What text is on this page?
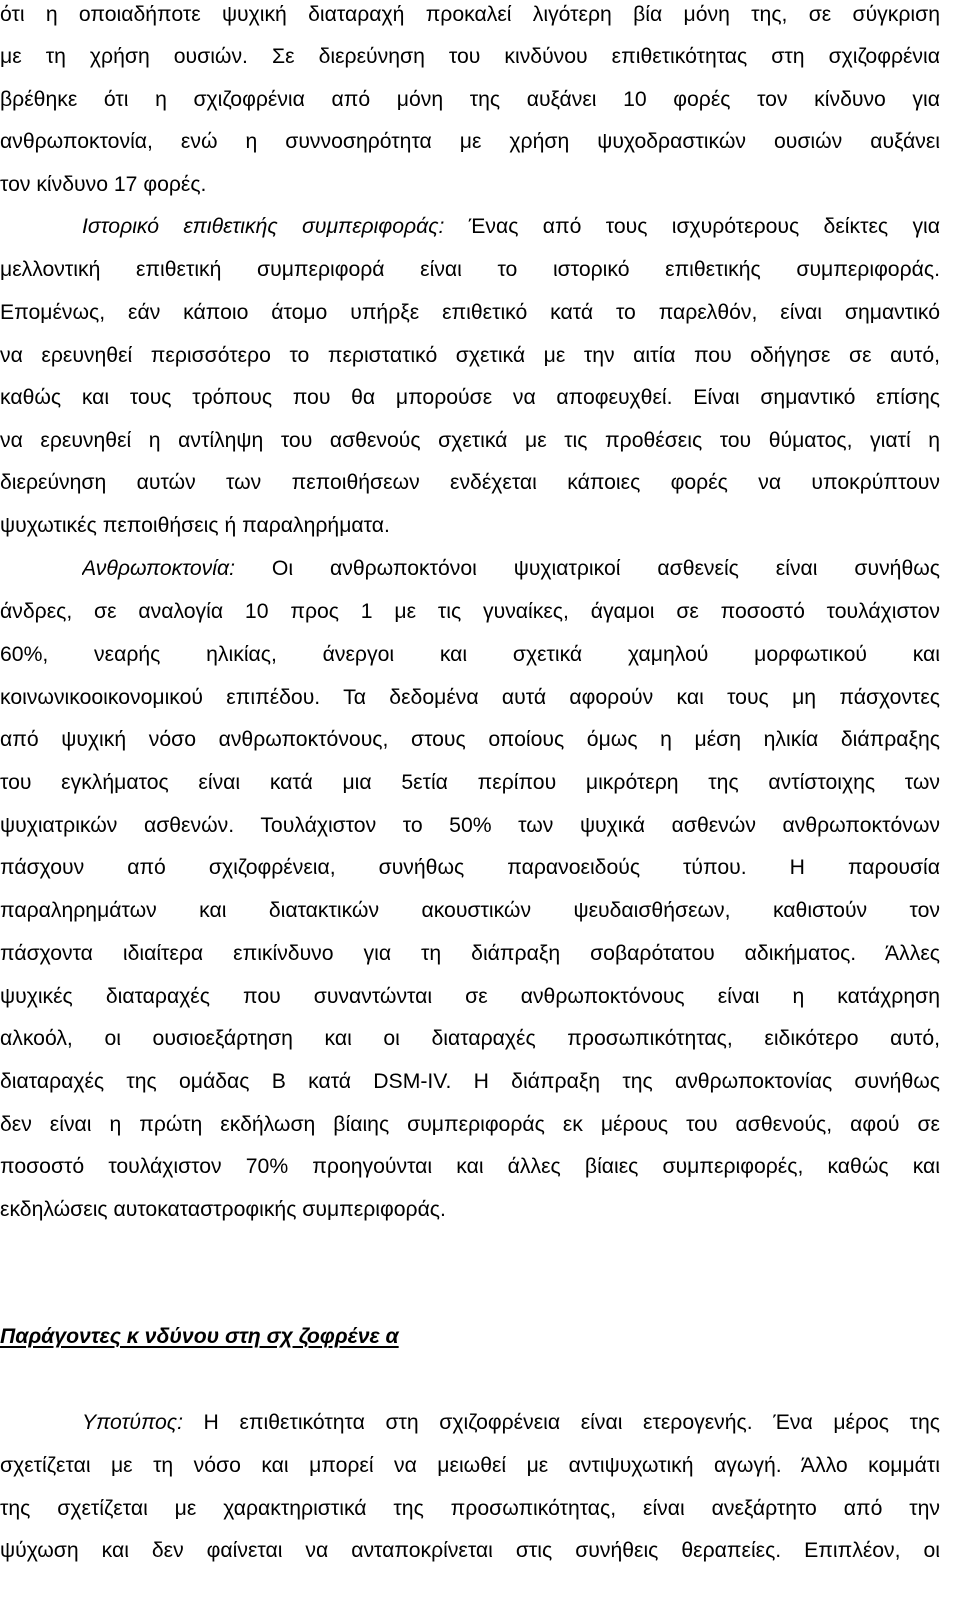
ότι η οποιαδήποτε ψυχική διαταραχή προκαλεί λιγότερη βία μόνη της, σε σύγκριση
με τη χρήση ουσιών. Σε διερεύνηση του κινδύνου επιθετικότητας στη σχιζοφρένια
βρέθηκε ότι η σχιζοφρένια από μόνη της αυξάνει 10 φορές τον κίνδυνο για
ανθρωποκτονία, ενώ η συννοσηρότητα με χρήση ψυχοδραστικών ουσιών αυξάνει
τον κίνδυνο 17 φορές.
Ιστορικό επιθετικής συμπεριφοράς: Ένας από τους ισχυρότερους δείκτες για
μελλοντική επιθετική συμπεριφορά είναι το ιστορικό επιθετικής συμπεριφοράς.
Επομένως, εάν κάποιο άτομο υπήρξε επιθετικό κατά το παρελθόν, είναι σημαντικό
να ερευνηθεί περισσότερο το περιστατικό σχετικά με την αιτία που οδήγησε σε αυτό,
καθώς και τους τρόπους που θα μπορούσε να αποφευχθεί. Είναι σημαντικό επίσης
να ερευνηθεί η αντίληψη του ασθενούς σχετικά με τις προθέσεις του θύματος, γιατί η
διερεύνηση αυτών των πεποιθήσεων ενδέχεται κάποιες φορές να υποκρύπτουν
ψυχωτικές πεποιθήσεις ή παραληρήματα.
Ανθρωποκτονία: Οι ανθρωποκτόνοι ψυχιατρικοί ασθενείς είναι συνήθως
άνδρες, σε αναλογία 10 προς 1 με τις γυναίκες, άγαμοι σε ποσοστό τουλάχιστον
60%, νεαρής ηλικίας, άνεργοι και σχετικά χαμηλού μορφωτικού και
κοινωνικοοικονομικού επιπέδου. Τα δεδομένα αυτά αφορούν και τους μη πάσχοντες
από ψυχική νόσο ανθρωποκτόνους, στους οποίους όμως η μέση ηλικία διάπραξης
του εγκλήματος είναι κατά μια 5ετία περίπου μικρότερη της αντίστοιχης των
ψυχιατρικών ασθενών. Τουλάχιστον το 50% των ψυχικά ασθενών ανθρωποκτόνων
πάσχουν από σχιζοφρένεια, συνήθως παρανοειδούς τύπου. Η παρουσία
παραληρημάτων και διατακτικών ακουστικών ψευδαισθήσεων, καθιστούν τον
πάσχοντα ιδιαίτερα επικίνδυνο για τη διάπραξη σοβαρότατου αδικήματος. Άλλες
ψυχικές διαταραχές που συναντώνται σε ανθρωποκτόνους είναι η κατάχρηση
αλκοόλ, οι ουσιοεξάρτηση και οι διαταραχές προσωπικότητας, ειδικότερο αυτό,
διαταραχές της ομάδας Β κατά DSM-IV. Η διάπραξη της ανθρωποκτονίας συνήθως
δεν είναι η πρώτη εκδήλωση βίαιης συμπεριφοράς εκ μέρους του ασθενούς, αφού σε
ποσοστό τουλάχιστον 70% προηγούνται και άλλες βίαιες συμπεριφορές, καθώς και
εκδηλώσεις αυτοκαταστροφικής συμπεριφοράς.
Παράγοντες κ νδύνου στη σχ ζοφρένε α
Υποτύπος: Η επιθετικότητα στη σχιζοφρένεια είναι ετερογενής. Ένα μέρος της
σχετίζεται με τη νόσο και μπορεί να μειωθεί με αντιψυχωτική αγωγή. Άλλο κομμάτι
της σχετίζεται με χαρακτηριστικά της προσωπικότητας, είναι ανεξάρτητο από την
ψύχωση και δεν φαίνεται να ανταποκρίνεται στις συνήθεις θεραπείες. Επιπλέον, οι
